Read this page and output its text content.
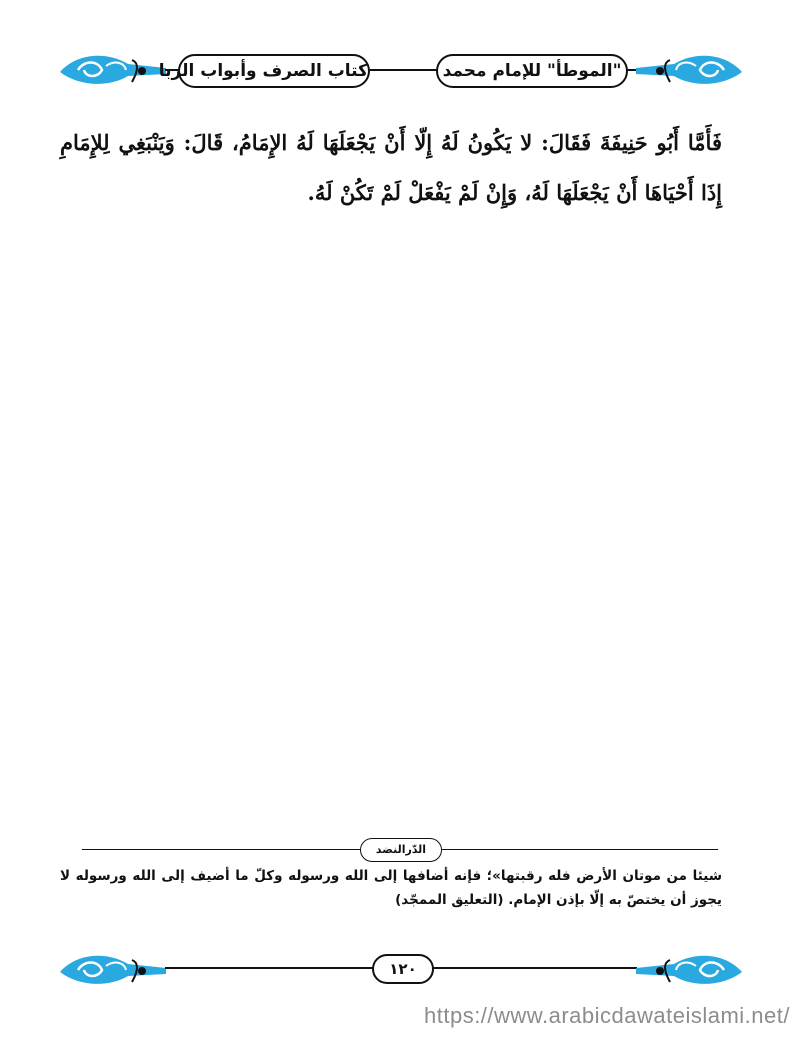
كتاب الصرف وأبواب الربا	"الموطأ" للإمام محمد
فَأَمَّا أَبُو حَنِيفَةَ فَقَالَ: لا يَكُونُ لَهُ إِلّا أَنْ يَجْعَلَهَا لَهُ الإِمَامُ، قَالَ: وَيَنْبَغِي لِلإِمَامِ إِذَا أَحْيَاهَا أَنْ يَجْعَلَهَا لَهُ، وَإِنْ لَمْ يَفْعَلْ لَمْ تَكُنْ لَهُ.
الدّرالنضد
شيئا من موتان الأرض فله رقبتها»؛ فإنه أضافها إلى الله ورسوله وكلّ ما أضيف إلى الله ورسوله لا يجوز أن يختصّ به إلّا بإذن الإمام. (التعليق الممجّد)
١٢٠
https://www.arabicdawateislami.net/
